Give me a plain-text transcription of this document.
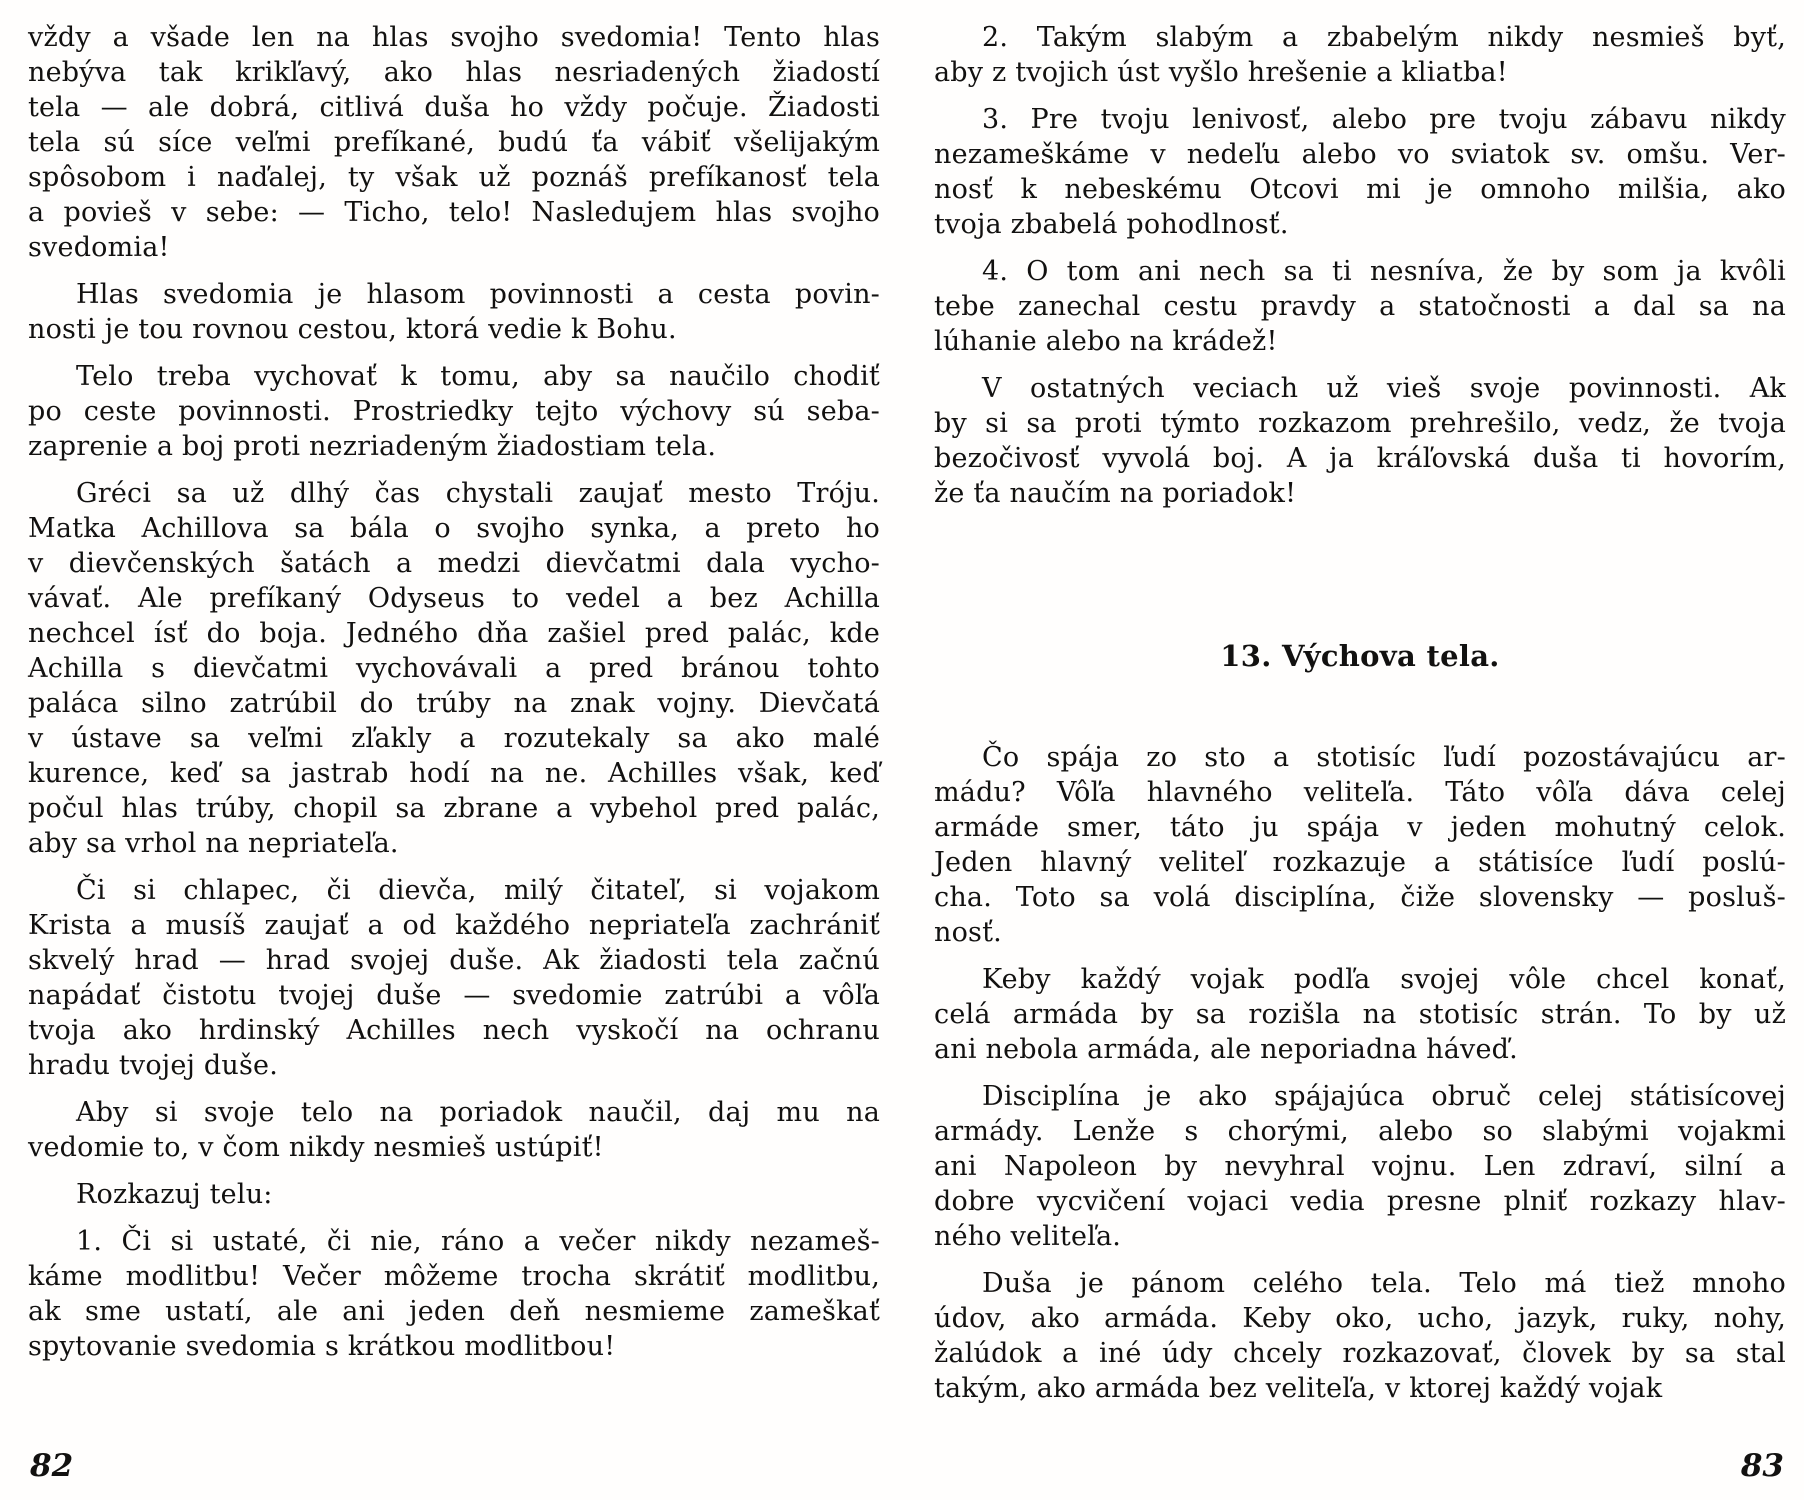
vždy a všade len na hlas svojho svedomia! Tento hlas
nebýva tak krikľavý, ako hlas nesriadených žiadostí
tela — ale dobrá, citlivá duša ho vždy počuje. Žiadosti
tela sú síce veľmi prefíkané, budú ťa vábiť všelijakým
spôsobom i naďalej, ty však už poznáš prefíkanosť tela
a povieš v sebe: — Ticho, telo! Nasledujem hlas svojho
svedomia!

Hlas svedomia je hlasom povinnosti a cesta povin-
nosti je tou rovnou cestou, ktorá vedie k Bohu.

Telo treba vychovať k tomu, aby sa naučilo chodiť
po ceste povinnosti. Prostriedky tejto výchovy sú seba-
zaprenie a boj proti nezriadeným žiadostiam tela.

Gréci sa už dlhý čas chystali zaujať mesto Tróju.
Matka Achillova sa bála o svojho synka, a preto ho
v dievčenských šatách a medzi dievčatmi dala vycho-
vávať. Ale prefíkaný Odyseus to vedel a bez Achilla
nechcel ísť do boja. Jedného dňa zašiel pred palác, kde
Achilla s dievčatmi vychovávali a pred bránou tohto
paláca silno zatrúbil do trúby na znak vojny. Dievčatá
v ústave sa veľmi zľakly a rozutekaly sa ako malé
kurence, keď sa jastrab hodí na ne. Achilles však, keď
počul hlas trúby, chopil sa zbrane a vybehol pred palác,
aby sa vrhol na nepriateľa.

Či si chlapec, či dievča, milý čitateľ, si vojakom
Krista a musíš zaujať a od každého nepriateľa zachrániť
skvelý hrad — hrad svojej duše. Ak žiadosti tela začnú
napádať čistotu tvojej duše — svedomie zatrúbi a vôľa
tvoja ako hrdinský Achilles nech vyskočí na ochranu
hradu tvojej duše.

Aby si svoje telo na poriadok naučil, daj mu na
vedomie to, v čom nikdy nesmieš ustúpiť!

Rozkazuj telu:

1. Či si ustaté, či nie, ráno a večer nikdy nezameš-
káme modlitbu! Večer môžeme trocha skrátiť modlitbu,
ak sme ustatí, ale ani jeden deň nesmieme zameškať
spytovanie svedomia s krátkou modlitbou!

82

2. Takým slabým a zbabelým nikdy nesmieš byť,
aby z tvojich úst vyšlo hrešenie a kliatba!

3. Pre tvoju lenivosť, alebo pre tvoju zábavu nikdy
nezameškáme v nedeľu alebo vo sviatok sv. omšu. Ver-
nosť k nebeskému Otcovi mi je omnoho milšia, ako
tvoja zbabelá pohodlnosť.

4. O tom ani nech sa ti nesníva, že by som ja kvôli
tebe zanechal cestu pravdy a statočnosti a dal sa na
lúhanie alebo na krádež!

V ostatných veciach už vieš svoje povinnosti. Ak
by si sa proti týmto rozkazom prehrešilo, vedz, že tvoja
bezočivosť vyvolá boj. A ja kráľovská duša ti hovorím,
že ťa naučím na poriadok!

13. Výchova tela.

Čo spája zo sto a stotisíc ľudí pozostávajúcu ar-
mádu? Vôľa hlavného veliteľa. Táto vôľa dáva celej
armáde smer, táto ju spája v jeden mohutný celok.
Jeden hlavný veliteľ rozkazuje a státisíce ľudí poslú-
cha. Toto sa volá disciplína, čiže slovensky — posluš-
nosť.

Keby každý vojak podľa svojej vôle chcel konať,
celá armáda by sa rozišla na stotisíc strán. To by už
ani nebola armáda, ale neporiadna háveď.

Disciplína je ako spájajúca obruč celej státisícovej
armády. Lenže s chorými, alebo so slabými vojakmi
ani Napoleon by nevyhral vojnu. Len zdraví, silní a
dobre vycvičení vojaci vedia presne plniť rozkazy hlav-
ného veliteľa.

Duša je pánom celého tela. Telo má tiež mnoho
údov, ako armáda. Keby oko, ucho, jazyk, ruky, nohy,
žalúdok a iné údy chcely rozkazovať, človek by sa stal
takým, ako armáda bez veliteľa, v ktorej každý vojak

83
